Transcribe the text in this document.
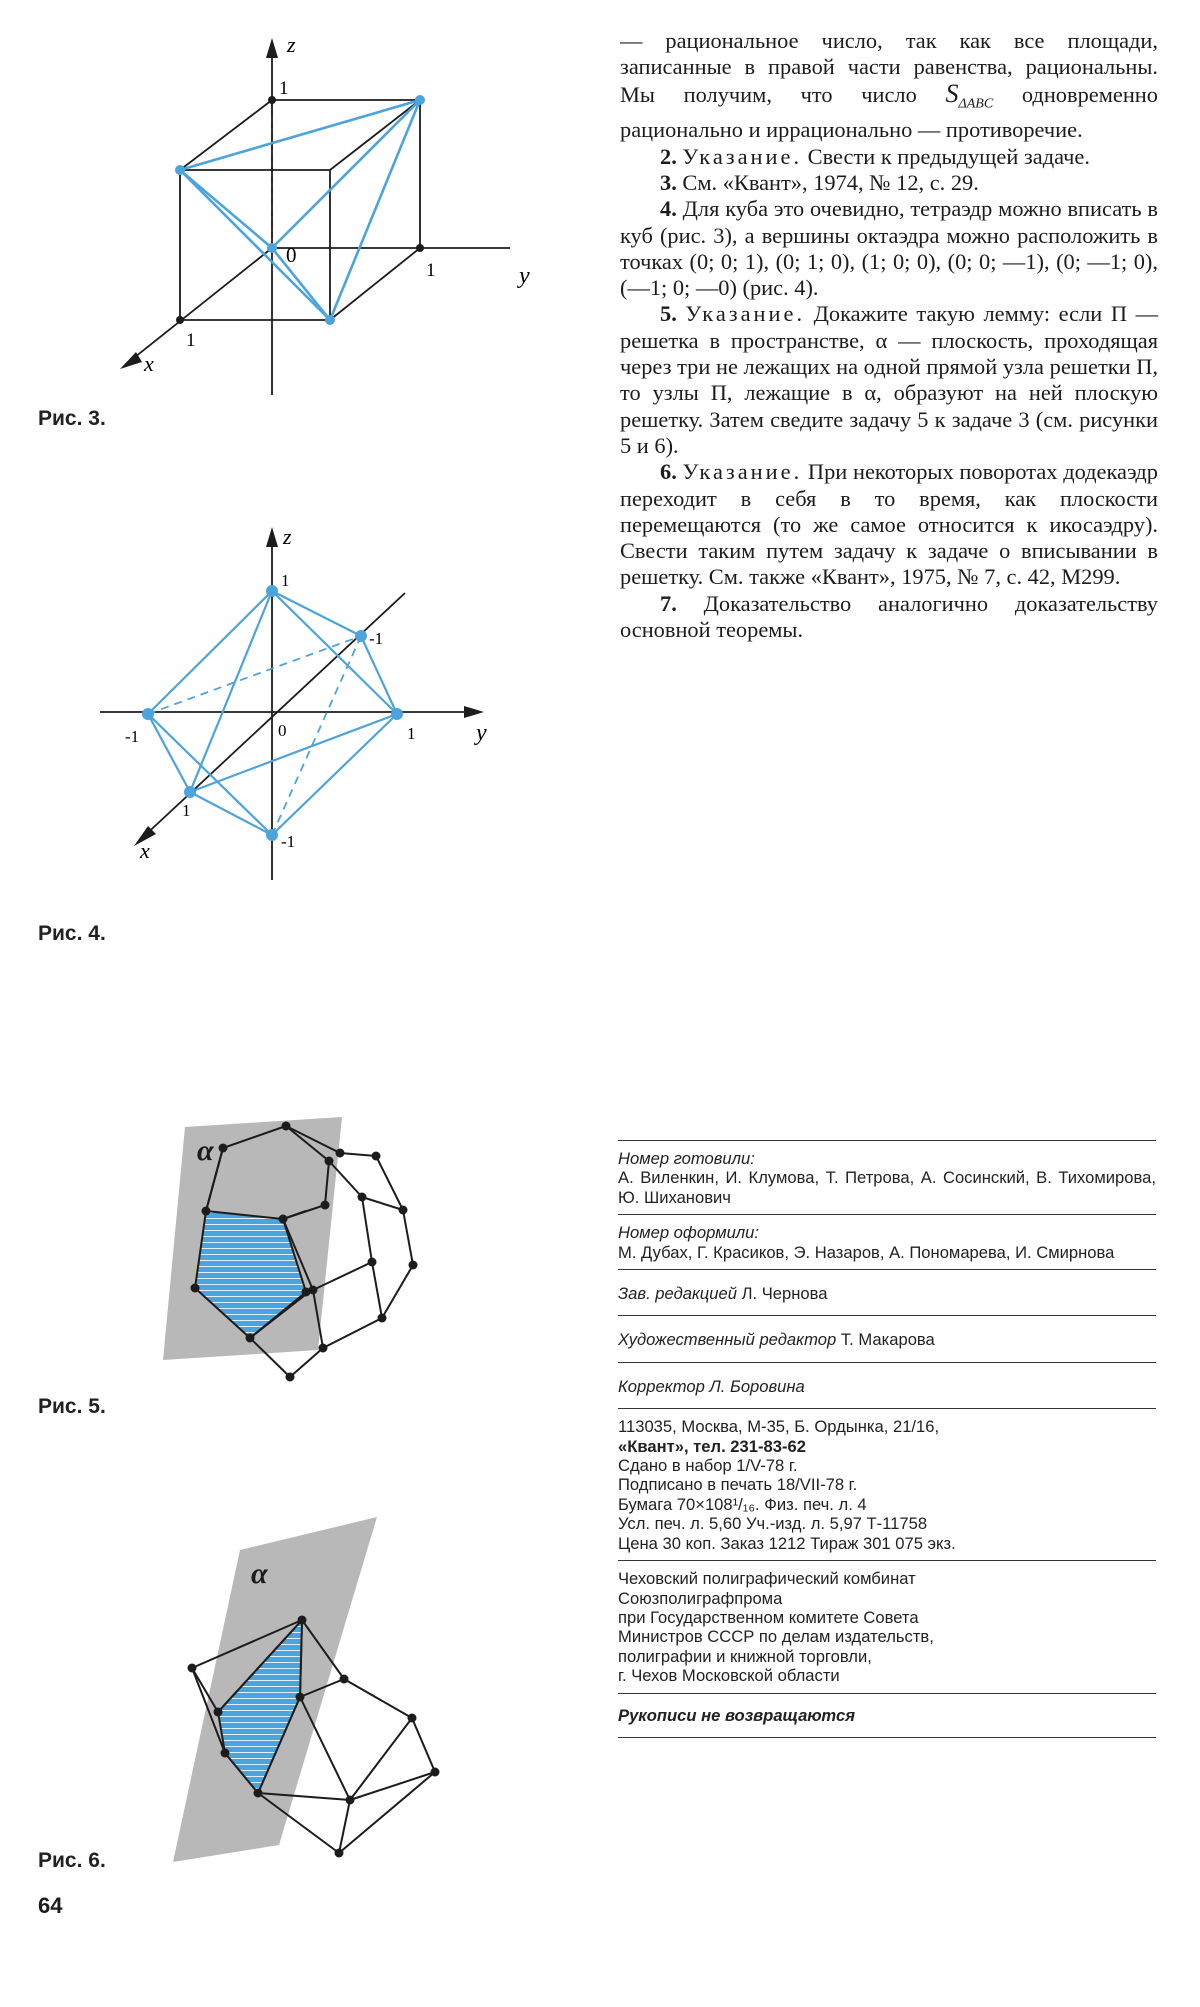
z
y
x
1
0
1
1
Рис. 3.
z
y
x
1
-1
1
-1
1
-1
0
Рис. 4.
α
Рис. 5.
α
Рис. 6.

— рациональное число, так как все площади, записанные в правой части равенства, рациональны. Мы получим, что число $S_{\Delta ABC}$ одновременно рационально и иррационально — противоречие.

2. Указание. Свести к предыдущей задаче.

3. См. «Квант», 1974, № 12, с. 29.

4. Для куба это очевидно, тетраэдр можно вписать в куб (рис. 3), а вершины октаэдра можно расположить в точках (0; 0; 1), (0; 1; 0), (1; 0; 0), (0; 0; —1), (0; —1; 0), (—1; 0; —0) (рис. 4).

5. Указание. Докажите такую лемму: если П — решетка в пространстве, α — плоскость, проходящая через три не лежащих на одной прямой узла решетки П, то узлы П, лежащие в α, образуют на ней плоскую решетку. Затем сведите задачу 5 к задаче 3 (см. рисунки 5 и 6).

6. Указание. При некоторых поворотах додекаэдр переходит в себя в то время, как плоскости перемещаются (то же самое относится к икосаэдру). Свести таким путем задачу к задаче о вписывании в решетку. См. также «Квант», 1975, № 7, с. 42, М299.

7. Доказательство аналогично доказательству основной теоремы.

Номер готовили:
А. Виленкин, И. Клумова, Т. Петрова, А. Сосинский, В. Тихомирова, Ю. Шиханович
Номер оформили:
М. Дубах, Г. Красиков, Э. Назаров, А. Пономарева, И. Смирнова
Зав. редакцией Л. Чернова
Художественный редактор Т. Макарова
Корректор Л. Боровина
113035, Москва, М-35, Б. Ордынка, 21/16,
«Квант», тел. 231-83-62
Сдано в набор 1/V-78 г.
Подписано в печать 18/VII-78 г.
Бумага 70×108¹/₁₆. Физ. печ. л. 4
Усл. печ. л. 5,60 Уч.-изд. л. 5,97 Т-11758
Цена 30 коп. Заказ 1212 Тираж 301 075 экз.
Чеховский полиграфический комбинат
Союзполиграфпрома
при Государственном комитете Совета
Министров СССР по делам издательств,
полиграфии и книжной торговли,
г. Чехов Московской области
Рукописи не возвращаются
64
